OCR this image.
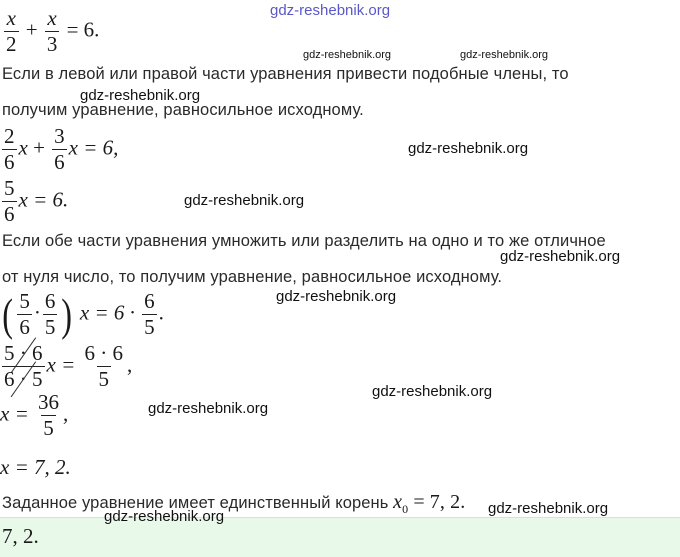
gdz-reshebnik.org
$\frac{x}{2} + \frac{x}{3} = 6$.
gdz-reshebnik.org	gdz-reshebnik.org
Если в левой или правой части уравнения привести подобные члены, то
gdz-reshebnik.org
получим уравнение, равносильное исходному.
$\frac{2}{6}$ $x + \frac{3}{6}$ x = 6,	gdz-reshebnik.org
$\frac{5}{6}$ x = 6.	gdz-reshebnik.org
Если обе части уравнения умножить или разделить на одно и то же отличное
gdz-reshebnik.org
от нуля число, то получим уравнение, равносильное исходному.
( $\frac{5}{6} \cdot \frac{6}{5}$ ) $x = 6 \cdot \frac{6}{5}$ .
gdz-reshebnik.org
$\frac{5 \cdot 6}{6 \cdot 5}$ $x = \frac{6 \cdot 6}{5}$ ,
gdz-reshebnik.org
$x = \frac{36}{5}$ ,	gdz-reshebnik.org
x = 7, 2.
Заданное уравнение имеет единственный корень $x_0 = 7$, 2. gdz-reshebnik.org
7, 2.
gdz-reshebnik.org
